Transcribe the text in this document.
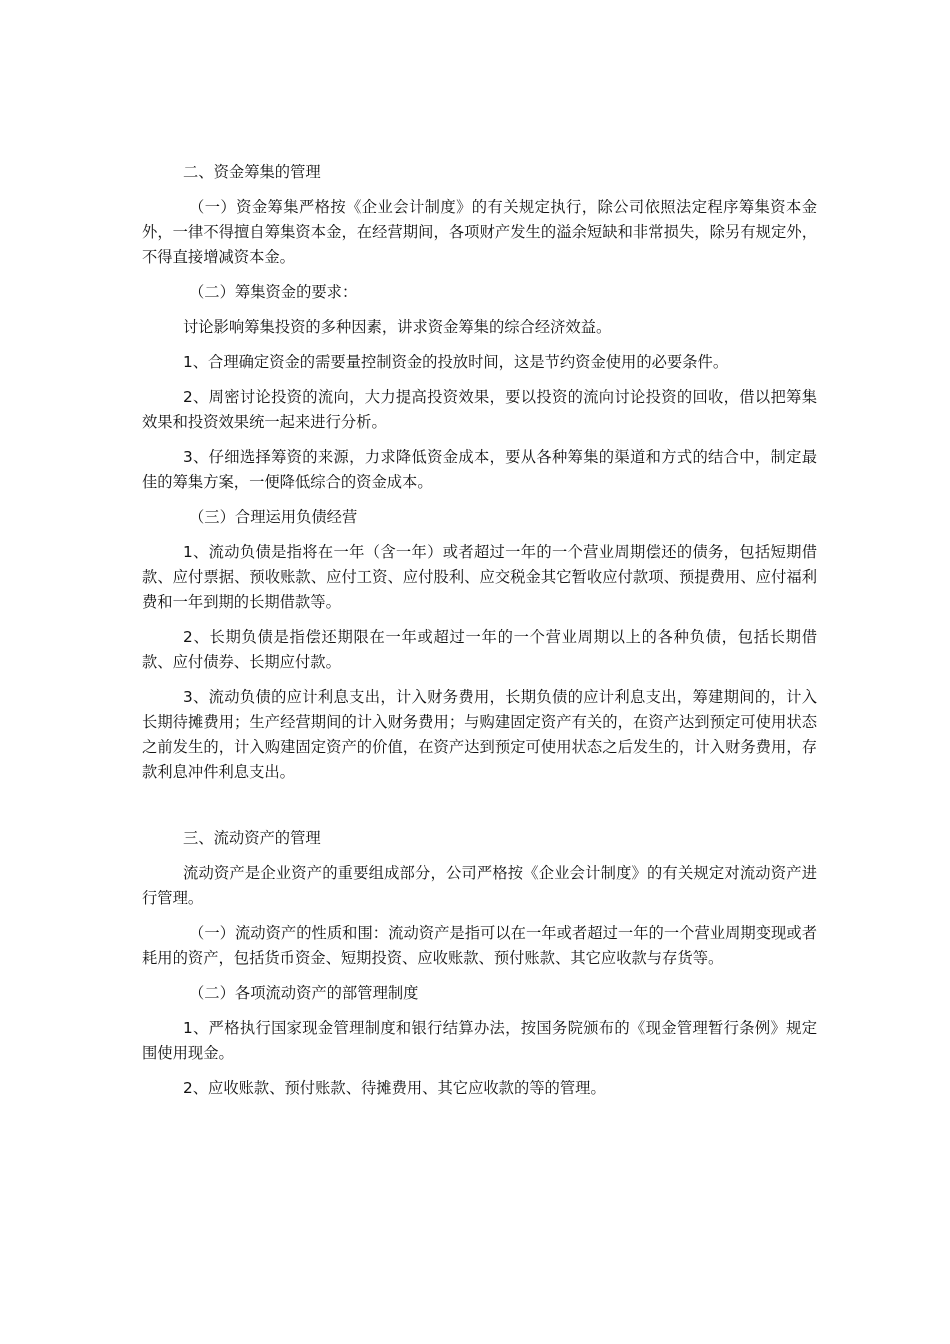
二、资金筹集的管理

（一）资金筹集严格按《企业会计制度》的有关规定执行，除公司依照法定程序筹集资本金外，一律不得擅自筹集资本金，在经营期间，各项财产发生的溢余短缺和非常损失，除另有规定外，不得直接增减资本金。

（二）筹集资金的要求：

讨论影响筹集投资的多种因素，讲求资金筹集的综合经济效益。

1、合理确定资金的需要量控制资金的投放时间，这是节约资金使用的必要条件。

2、周密讨论投资的流向，大力提高投资效果，要以投资的流向讨论投资的回收，借以把筹集效果和投资效果统一起来进行分析。

3、仔细选择筹资的来源，力求降低资金成本，要从各种筹集的渠道和方式的结合中，制定最佳的筹集方案，一便降低综合的资金成本。

（三）合理运用负债经营

1、流动负债是指将在一年（含一年）或者超过一年的一个营业周期偿还的债务，包括短期借款、应付票据、预收账款、应付工资、应付股利、应交税金其它暂收应付款项、预提费用、应付福利费和一年到期的长期借款等。

2、长期负债是指偿还期限在一年或超过一年的一个营业周期以上的各种负债，包括长期借款、应付债券、长期应付款。

3、流动负债的应计利息支出，计入财务费用，长期负债的应计利息支出，筹建期间的，计入长期待摊费用；生产经营期间的计入财务费用；与购建固定资产有关的，在资产达到预定可使用状态之前发生的，计入购建固定资产的价值，在资产达到预定可使用状态之后发生的，计入财务费用，存款利息冲件利息支出。

三、流动资产的管理

流动资产是企业资产的重要组成部分，公司严格按《企业会计制度》的有关规定对流动资产进行管理。

（一）流动资产的性质和围：流动资产是指可以在一年或者超过一年的一个营业周期变现或者耗用的资产，包括货币资金、短期投资、应收账款、预付账款、其它应收款与存货等。

（二）各项流动资产的部管理制度

1、严格执行国家现金管理制度和银行结算办法，按国务院颁布的《现金管理暂行条例》规定围使用现金。

2、应收账款、预付账款、待摊费用、其它应收款的等的管理。
